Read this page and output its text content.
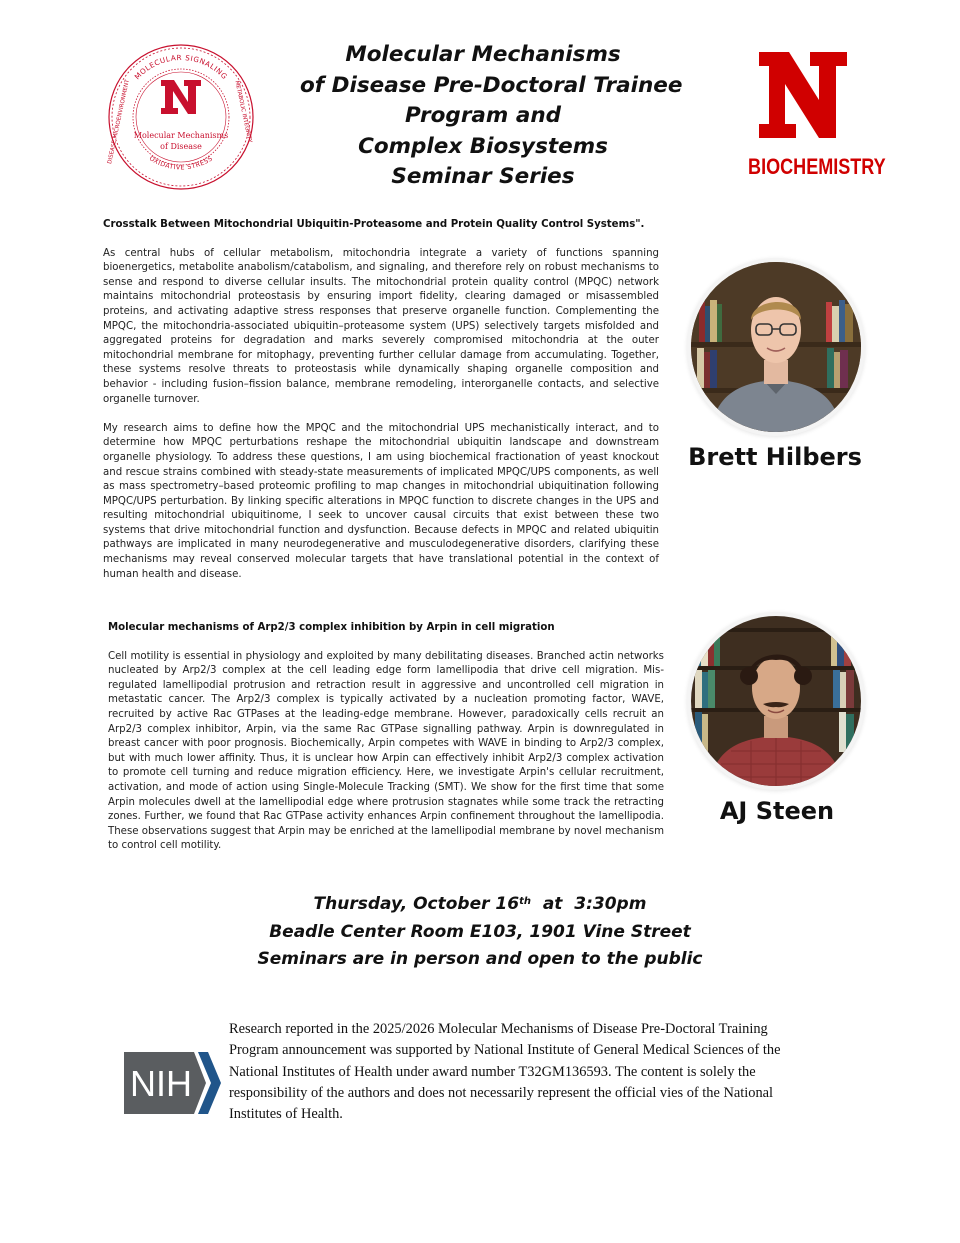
MOLECULAR SIGNALING
OXIDATIVE STRESS
METABOLIC INTEGRITY
DISEASE MICROENVIRONMENT Molecular Mechanisms
of Disease
Molecular Mechanisms
of Disease Pre-Doctoral Trainee
Program and
Complex Biosystems
Seminar Series	BIOCHEMISTRY
Crosstalk Between Mitochondrial Ubiquitin-Proteasome and Protein Quality Control Systems".

As central hubs of cellular metabolism, mitochondria integrate a variety of functions spanning bioenergetics, metabolite anabolism/catabolism, and signaling, and therefore rely on robust mechanisms to sense and respond to diverse cellular insults. The mitochondrial protein quality control (MPQC) network maintains mitochondrial proteostasis by ensuring import fidelity, clearing damaged or misassembled proteins, and activating adaptive stress responses that preserve organelle function. Complementing the MPQC, the mitochondria-associated ubiquitin–proteasome system (UPS) selectively targets misfolded and aggregated proteins for degradation and marks severely compromised mitochondria at the outer mitochondrial membrane for mitophagy, preventing further cellular damage from accumulating. Together, these systems resolve threats to proteostasis while dynamically shaping organelle composition and behavior - including fusion–fission balance, membrane remodeling, interorganelle contacts, and selective organelle turnover.

My research aims to define how the MPQC and the mitochondrial UPS mechanistically interact, and to determine how MPQC perturbations reshape the mitochondrial ubiquitin landscape and downstream organelle physiology. To address these questions, I am using biochemical fractionation of yeast knockout and rescue strains combined with steady-state measurements of implicated MPQC/UPS components, as well as mass spectrometry–based proteomic profiling to map changes in mitochondrial ubiquitination following MPQC/UPS perturbation. By linking specific alterations in MPQC function to discrete changes in the UPS and resulting mitochondrial ubiquitinome, I seek to uncover causal circuits that exist between these two systems that drive mitochondrial function and dysfunction. Because defects in MPQC and related ubiquitin pathways are implicated in many neurodegenerative and musculodegenerative disorders, clarifying these mechanisms may reveal conserved molecular targets that have translational potential in the context of human health and disease.

Brett Hilbers
Molecular mechanisms of Arp2/3 complex inhibition by Arpin in cell migration

Cell motility is essential in physiology and exploited by many debilitating diseases. Branched actin networks nucleated by Arp2/3 complex at the cell leading edge form lamellipodia that drive cell migration. Mis-regulated lamellipodial protrusion and retraction result in aggressive and uncontrolled cell migration in metastatic cancer. The Arp2/3 complex is typically activated by a nucleation promoting factor, WAVE, recruited by active Rac GTPases at the leading-edge membrane. However, paradoxically cells recruit an Arp2/3 complex inhibitor, Arpin, via the same Rac GTPase signalling pathway. Arpin is downregulated in breast cancer with poor prognosis. Biochemically, Arpin competes with WAVE in binding to Arp2/3 complex, but with much lower affinity. Thus, it is unclear how Arpin can effectively inhibit Arp2/3 complex activation to promote cell turning and reduce migration efficiency. Here, we investigate Arpin's cellular recruitment, activation, and mode of action using Single-Molecule Tracking (SMT). We show for the first time that some Arpin molecules dwell at the lamellipodial edge where protrusion stagnates while some track the retracting zones. Further, we found that Rac GTPase activity enhances Arpin confinement throughout the lamellipodia. These observations suggest that Arpin may be enriched at the lamellipodial membrane by novel mechanism to control cell motility.

AJ Steen
Thursday, October 16th  at  3:30pm
Beadle Center Room E103, 1901 Vine Street
Seminars are in person and open to the public
NIH
Research reported in the 2025/2026 Molecular Mechanisms of Disease Pre-Doctoral Training
Program announcement was supported by National Institute of General Medical Sciences of the
National Institutes of Health under award number T32GM136593. The content is solely the
responsibility of the authors and does not necessarily represent the official vies of the National
Institutes of Health.
